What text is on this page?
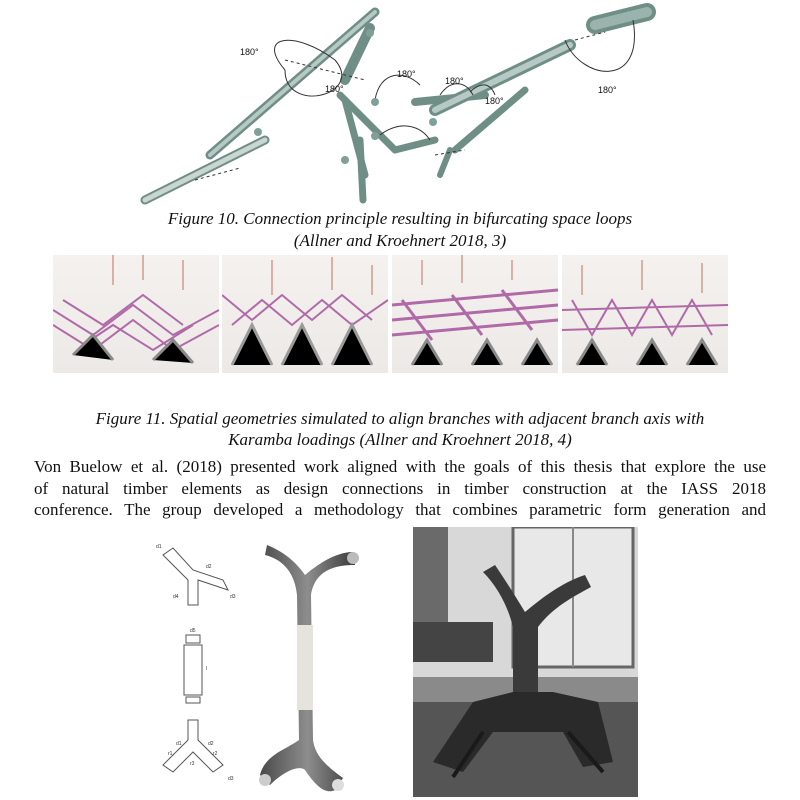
180°
180°
180°
180°
180°
180°
Figure 10. Connection principle resulting in bifurcating space loops
(Allner and Kroehnert 2018, 3)
Figure 11. Spatial geometries simulated to align branches with adjacent branch axis with
Karamba loadings (Allner and Kroehnert 2018, 4)
Von Buelow et al. (2018) presented work aligned with the goals of this thesis that explore the use
of natural timber elements as design connections in timber construction at the IASS 2018
conference. The group developed a methodology that combines parametric form generation and
d1
d2
d3
d4
l
d5
d1	d2
d3
r1	r2
r3
